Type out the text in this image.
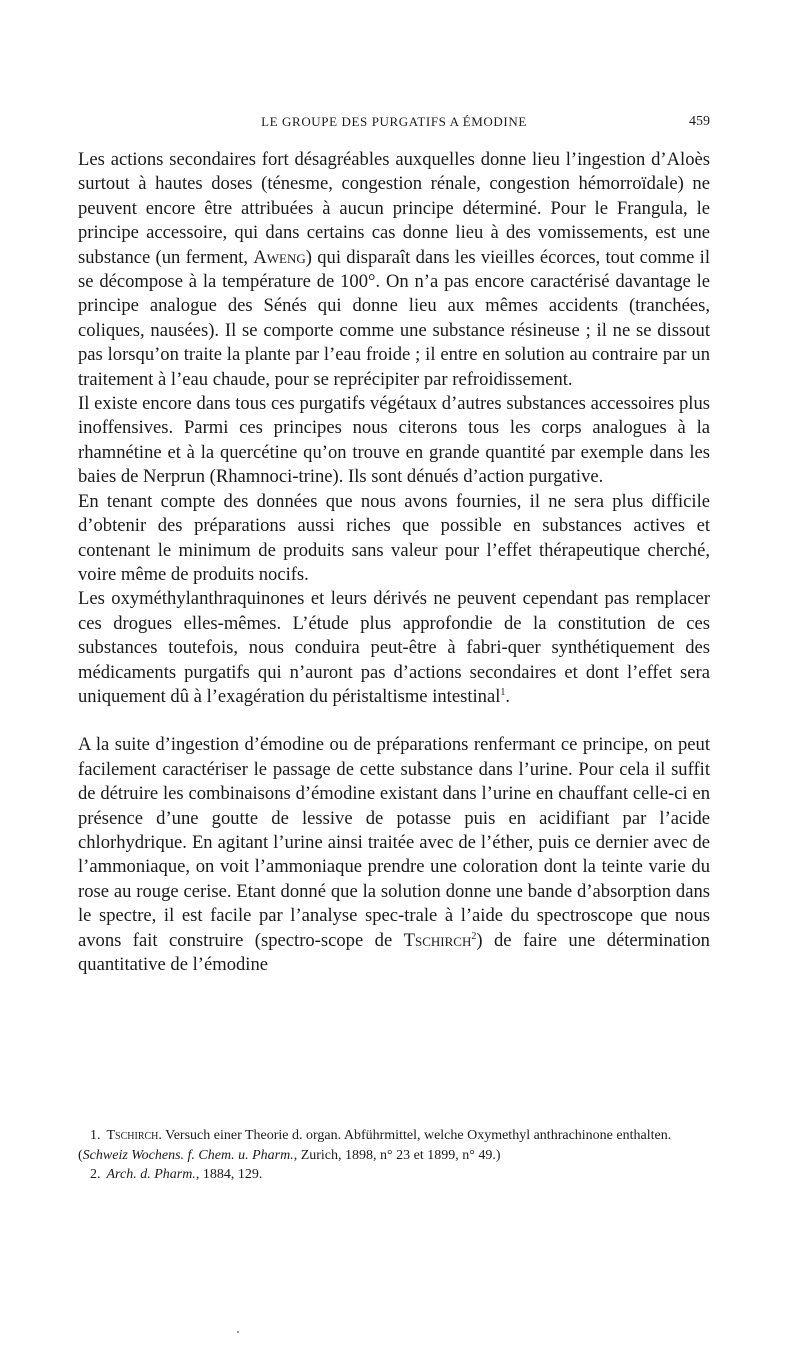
LE GROUPE DES PURGATIFS A ÉMODINE	459

Les actions secondaires fort désagréables auxquelles donne lieu l’ingestion d’Aloès surtout à hautes doses (ténesme, congestion rénale, congestion hémorroïdale) ne peuvent encore être attribuées à aucun principe déterminé. Pour le Frangula, le principe accessoire, qui dans certains cas donne lieu à des vomissements, est une substance (un ferment, Aweng) qui disparaît dans les vieilles écorces, tout comme il se décompose à la température de 100°. On n’a pas encore caractérisé davantage le principe analogue des Sénés qui donne lieu aux mêmes accidents (tranchées, coliques, nausées). Il se comporte comme une substance résineuse ; il ne se dissout pas lorsqu’on traite la plante par l’eau froide ; il entre en solution au contraire par un traitement à l’eau chaude, pour se reprécipiter par refroidissement.

Il existe encore dans tous ces purgatifs végétaux d’autres substances accessoires plus inoffensives. Parmi ces principes nous citerons tous les corps analogues à la rhamnétine et à la quercétine qu’on trouve en grande quantité par exemple dans les baies de Nerprun (Rhamnoci-trine). Ils sont dénués d’action purgative.

En tenant compte des données que nous avons fournies, il ne sera plus difficile d’obtenir des préparations aussi riches que possible en substances actives et contenant le minimum de produits sans valeur pour l’effet thérapeutique cherché, voire même de produits nocifs.

Les oxyméthylanthraquinones et leurs dérivés ne peuvent cependant pas remplacer ces drogues elles-mêmes. L’étude plus approfondie de la constitution de ces substances toutefois, nous conduira peut-être à fabri-quer synthétiquement des médicaments purgatifs qui n’auront pas d’actions secondaires et dont l’effet sera uniquement dû à l’exagération du péristaltisme intestinal$^1$.

A la suite d’ingestion d’émodine ou de préparations renfermant ce principe, on peut facilement caractériser le passage de cette substance dans l’urine. Pour cela il suffit de détruire les combinaisons d’émodine existant dans l’urine en chauffant celle-ci en présence d’une goutte de lessive de potasse puis en acidifiant par l’acide chlorhydrique. En agitant l’urine ainsi traitée avec de l’éther, puis ce dernier avec de l’ammoniaque, on voit l’ammoniaque prendre une coloration dont la teinte varie du rose au rouge cerise. Etant donné que la solution donne une bande d’absorption dans le spectre, il est facile par l’analyse spec-trale à l’aide du spectroscope que nous avons fait construire (spectro-scope de Tschirch$^2$) de faire une détermination quantitative de l’émodine

1. Tschirch. Versuch einer Theorie d. organ. Abführmittel, welche Oxymethyl anthrachinone enthalten. (Schweiz Wochens. f. Chem. u. Pharm., Zurich, 1898, n° 23 et 1899, n° 49.)

2. Arch. d. Pharm., 1884, 129.
